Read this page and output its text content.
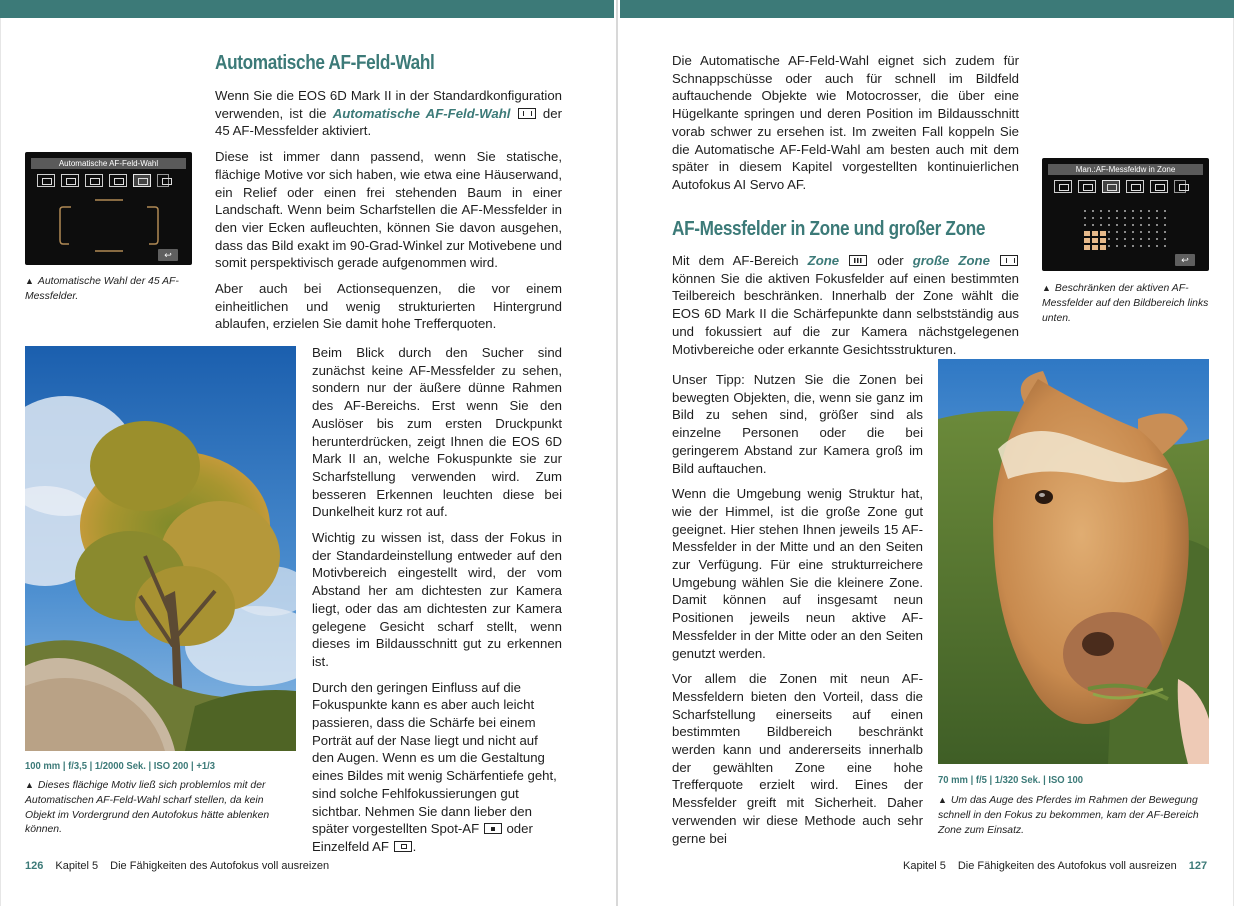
Automatische AF-Feld-Wahl

Wenn Sie die EOS 6D Mark II in der Standardkonfiguration verwenden, ist die Automatische AF-Feld-Wahl
der 45 AF-Messfelder aktiviert.

Diese ist immer dann passend, wenn Sie statische, flächige Motive vor sich haben, wie etwa eine Häuserwand, ein Relief oder einen frei stehenden Baum in einer Landschaft. Wenn beim Scharfstellen die AF-Messfelder in den vier Ecken aufleuchten, können Sie davon ausgehen, dass das Bild exakt im 90-Grad-Winkel zur Motivebene und somit perspektivisch gerade aufgenommen wird.

Aber auch bei Actionsequenzen, die vor einem einheitlichen und wenig strukturierten Hintergrund ablaufen, erzielen Sie damit hohe Trefferquoten.

Automatische AF-Feld-Wahl
↩
▲ Automatische Wahl der 45 AF-Messfelder.
100 mm | f/3,5 | 1/2000 Sek. | ISO 200 | +1/3
▲ Dieses flächige Motiv ließ sich problemlos mit der Automatischen AF-Feld-Wahl scharf stellen, da kein Objekt im Vordergrund den Autofokus hätte ablenken können.

Beim Blick durch den Sucher sind zunächst keine AF-Messfelder zu sehen, sondern nur der äußere dünne Rahmen des AF-Bereichs. Erst wenn Sie den Auslöser bis zum ersten Druckpunkt herunterdrücken, zeigt Ihnen die EOS 6D Mark II an, welche Fokuspunkte sie zur Scharfstellung verwenden wird. Zum besseren Erkennen leuchten diese bei Dunkelheit kurz rot auf.

Wichtig zu wissen ist, dass der Fokus in der Standardeinstellung entweder auf den Motivbereich eingestellt wird, der vom Abstand her am dichtesten zur Kamera liegt, oder das am dichtesten zur Kamera gelegene Gesicht scharf stellt, wenn dieses im Bildausschnitt gut zu erkennen ist.

Durch den geringen Einfluss auf die Fokuspunkte kann es aber auch leicht passieren, dass die Schärfe bei einem Porträt auf der Nase liegt und nicht auf den Augen. Wenn es um die Gestaltung eines Bildes mit wenig Schärfentiefe geht, sind solche Fehlfokussierungen gut sichtbar. Nehmen Sie dann lieber den später vorgestellten Spot-AF
oder Einzelfeld AF
.

126 Kapitel 5 Die Fähigkeiten des Autofokus voll ausreizen

Die Automatische AF-Feld-Wahl eignet sich zudem für Schnappschüsse oder auch für schnell im Bildfeld auftauchende Objekte wie Motocrosser, die über eine Hügelkante springen und deren Position im Bildausschnitt vorab schwer zu ersehen ist. Im zweiten Fall koppeln Sie die Automatische AF-Feld-Wahl am besten auch mit dem später in diesem Kapitel vorgestellten kontinuierlichen Autofokus AI Servo AF.

AF-Messfelder in Zone und großer Zone

Mit dem AF-Bereich Zone
oder große Zone
können Sie die aktiven Fokusfelder auf einen bestimmten Teilbereich beschränken. Innerhalb der Zone wählt die EOS 6D Mark II die Schärfepunkte dann selbstständig aus und fokussiert auf die zur Kamera nächstgelegenen Motivbereiche oder erkannte Gesichtsstrukturen.

Man.:AF-Messfeldw in Zone
↩
▲ Beschränken der aktiven AF-Messfelder auf den Bildbereich links unten.

Unser Tipp: Nutzen Sie die Zonen bei bewegten Objekten, die, wenn sie ganz im Bild zu sehen sind, größer sind als einzelne Personen oder die bei geringerem Abstand zur Kamera groß im Bild auftauchen.

Wenn die Umgebung wenig Struktur hat, wie der Himmel, ist die große Zone gut geeignet. Hier stehen Ihnen jeweils 15 AF-Messfelder in der Mitte und an den Seiten zur Verfügung. Für eine strukturreichere Umgebung wählen Sie die kleinere Zone. Damit können auf insgesamt neun Positionen jeweils neun aktive AF-Messfelder in der Mitte oder an den Seiten genutzt werden.

Vor allem die Zonen mit neun AF-Messfeldern bieten den Vorteil, dass die Scharfstellung einerseits auf einen bestimmten Bildbereich beschränkt werden kann und andererseits innerhalb der gewählten Zone eine hohe Trefferquote erzielt wird. Eines der Messfelder greift mit Sicherheit. Daher verwenden wir diese Methode auch sehr gerne bei

70 mm | f/5 | 1/320 Sek. | ISO 100
▲ Um das Auge des Pferdes im Rahmen der Bewegung schnell in den Fokus zu bekommen, kam der AF-Bereich Zone zum Einsatz.
Kapitel 5 Die Fähigkeiten des Autofokus voll ausreizen 127
